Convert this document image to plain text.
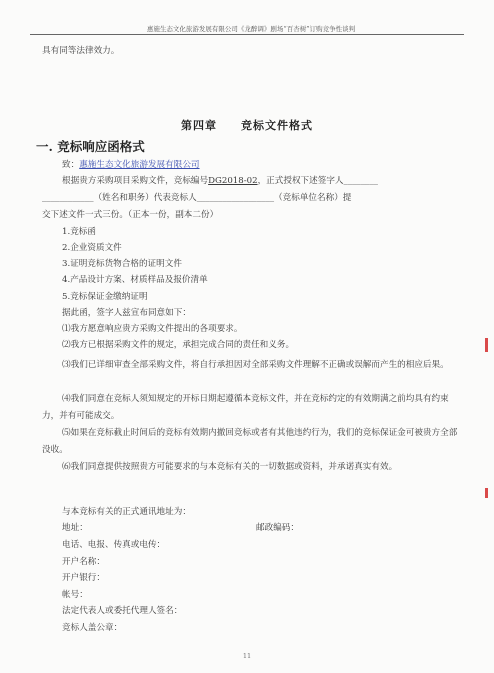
惠施生态文化旅游发展有限公司《龙醉调》剧场“百杏树”订购竞争性谈判
具有同等法律效力。
第四章　　竞标文件格式
一. 竞标响应函格式
致：惠施生态文化旅游发展有限公司
根据贵方采购项目采购文件，竞标编号DG2018-02，正式授权下述签字人________
____________（姓名和职务）代表竞标人__________________（竞标单位名称）提
交下述文件一式三份。（正本一份，副本二份）
1.竞标函
2.企业资质文件
3.证明竞标货物合格的证明文件
4.产品设计方案、材质样品及报价清单
5.竞标保证金缴纳证明
据此函，签字人兹宣布同意如下：
⑴我方愿意响应贵方采购文件提出的各项要求。
⑵我方已根据采购文件的规定，承担完成合同的责任和义务。
⑶我们已详细审查全部采购文件，将自行承担因对全部采购文件理解不正确或误解而产生的相应后果。
⑷我们同意在竞标人须知规定的开标日期起遵循本竞标文件，并在竞标约定的有效期满之前均具有约束力，并有可能成交。
⑸如果在竞标截止时间后的竞标有效期内撤回竞标或者有其他违约行为，我们的竞标保证金可被贵方全部没收。
⑹我们同意提供按照贵方可能要求的与本竞标有关的一切数据或资料，并承诺真实有效。
与本竞标有关的正式通讯地址为：
地址：	邮政编码：
电话、电报、传真或电传：
开户名称：
开户银行：
帐号：
法定代表人或委托代理人签名：
竞标人盖公章：
11
